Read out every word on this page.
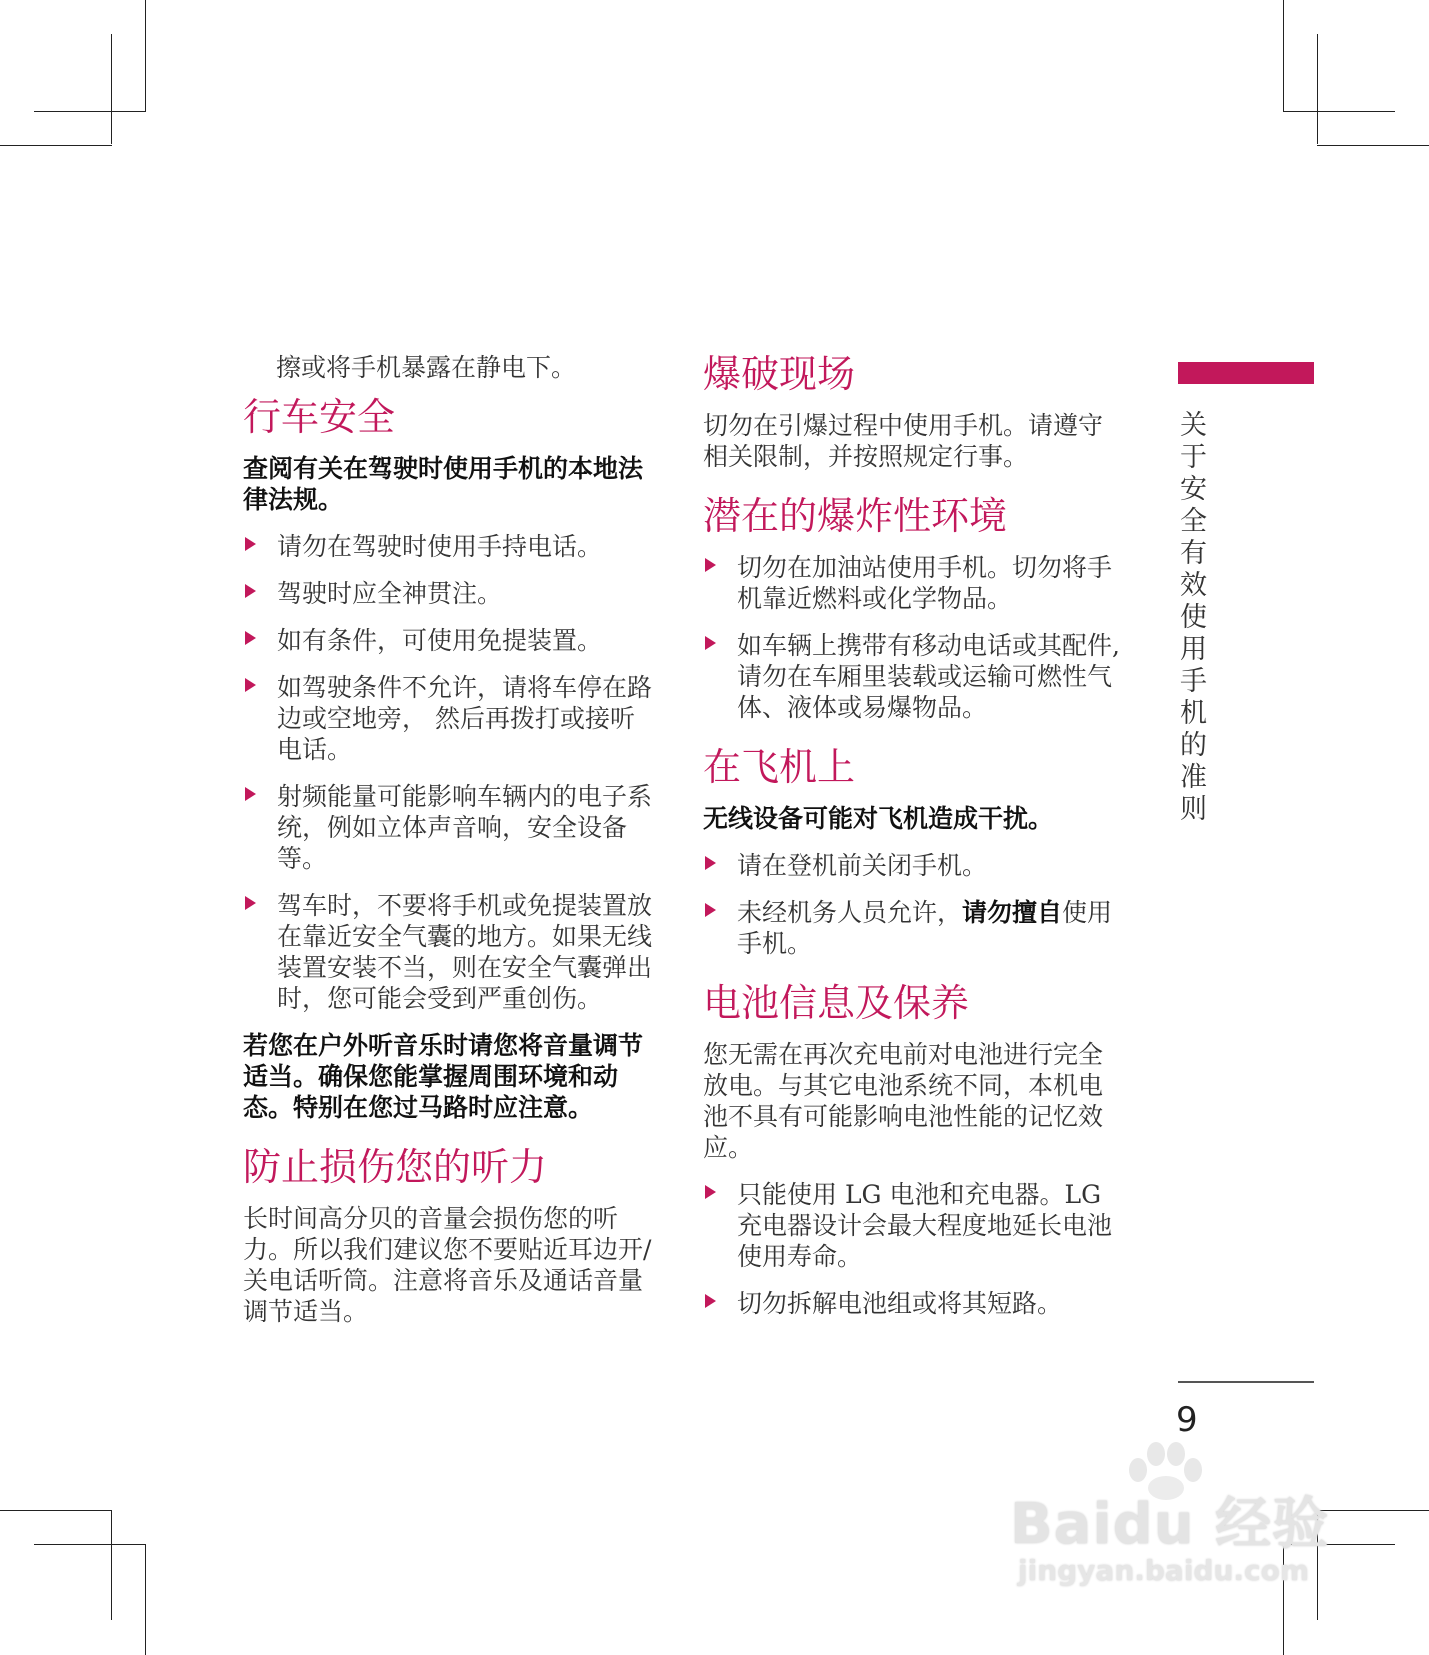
擦或将手机暴露在静电下。
行车安全

查阅有关在驾驶时使用手机的本地法律法规。

请勿在驾驶时使用手持电话。
驾驶时应全神贯注。
如有条件，可使用免提装置。
如驾驶条件不允许，请将车停在路边或空地旁， 然后再拨打或接听电话。
射频能量可能影响车辆内的电子系统，例如立体声音响，安全设备等。
驾车时，不要将手机或免提装置放在靠近安全气囊的地方。如果无线装置安装不当，则在安全气囊弹出时，您可能会受到严重创伤。

若您在户外听音乐时请您将音量调节适当。确保您能掌握周围环境和动态。特别在您过马路时应注意。

防止损伤您的听力

长时间高分贝的音量会损伤您的听力。所以我们建议您不要贴近耳边开/关电话听筒。注意将音乐及通话音量调节适当。

爆破现场

切勿在引爆过程中使用手机。请遵守相关限制，并按照规定行事。

潜在的爆炸性环境
切勿在加油站使用手机。切勿将手机靠近燃料或化学物品。
如车辆上携带有移动电话或其配件,请勿在车厢里装载或运输可燃性气体、液体或易爆物品。
在飞机上

无线设备可能对飞机造成干扰。

请在登机前关闭手机。
未经机务人员允许，请勿擅自使用手机。
电池信息及保养

您无需在再次充电前对电池进行完全放电。与其它电池系统不同，本机电池不具有可能影响电池性能的记忆效应。

只能使用 LG 电池和充电器。LG 充电器设计会最大程度地延长电池使用寿命。
切勿拆解电池组或将其短路。
关于安全有效使用手机的准则
9
Baidu 经验
jingyan.baidu.com
